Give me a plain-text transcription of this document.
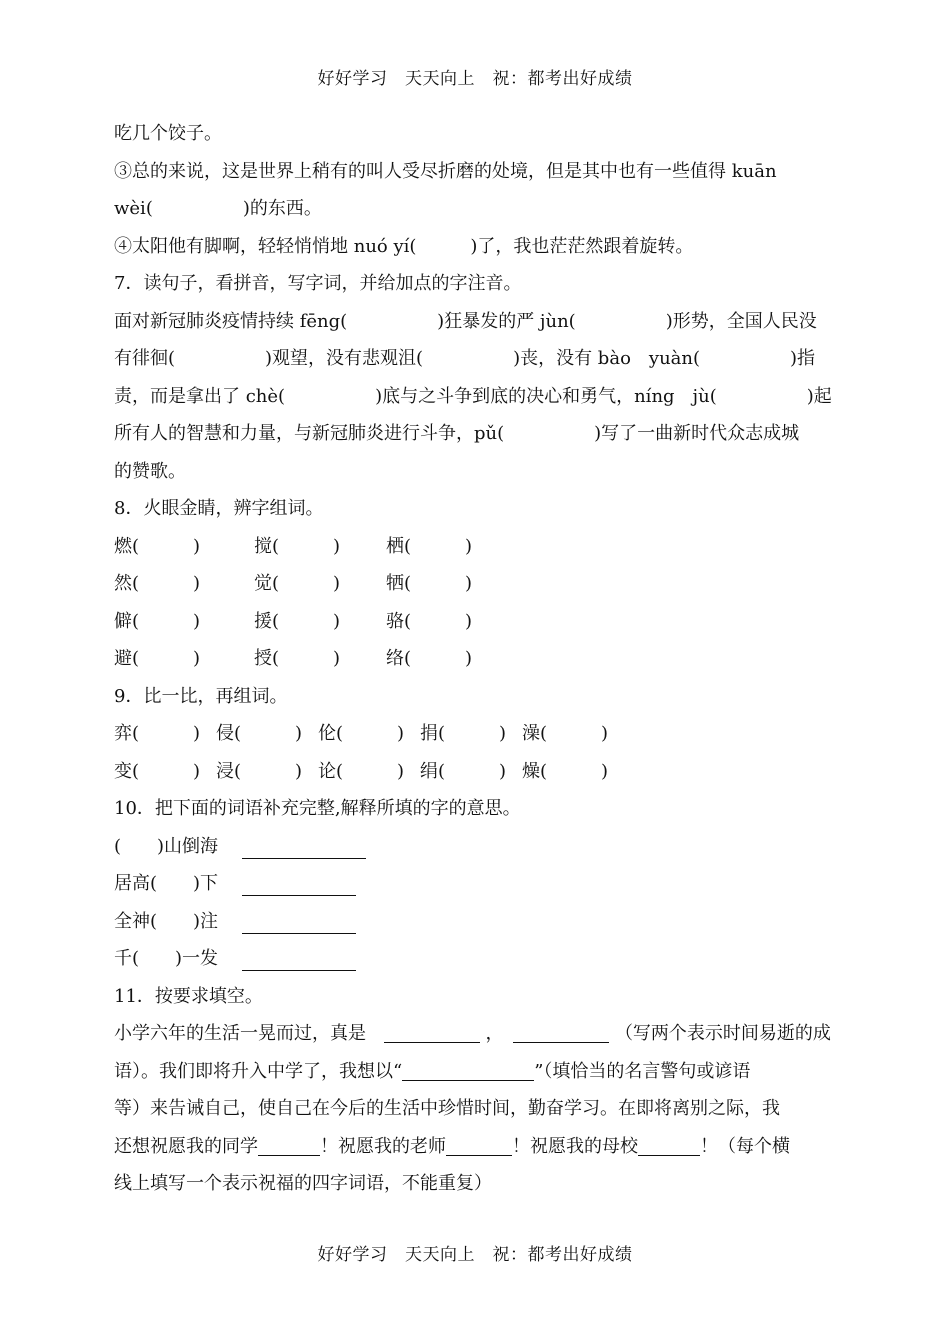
好好学习　天天向上　祝：都考出好成绩
吃几个饺子。
③总的来说，这是世界上稍有的叫人受尽折磨的处境，但是其中也有一些值得 kuān
wèi(　　　　　)的东西。
④太阳他有脚啊，轻轻悄悄地 nuó yí(　　　)了，我也茫茫然跟着旋转。
7．读句子，看拼音，写字词，并给加点的字注音。
面对新冠肺炎疫情持续 fēng(　　　　　)狂暴发的严 jùn(　　　　　)形势，全国人民没
有徘徊(　　　　　)观望，没有悲观沮(　　　　　)丧，没有 bào　yuàn(　　　　　)指
责，而是拿出了 chè(　　　　　)底与之斗争到底的决心和勇气，níng　jù(　　　　　)起
所有人的智慧和力量，与新冠肺炎进行斗争，pǔ(　　　　　)写了一曲新时代众志成城
的赞歌。
8．火眼金睛，辨字组词。
燃(　　　)	搅(　　　)	栖(　　　)
然(　　　)	觉(　　　)	牺(　　　)
僻(　　　)	援(　　　)	骆(　　　)
避(　　　)	授(　　　)	络(　　　)
9．比一比，再组词。
弈(　　　) 侵(　　　) 伦(　　　) 捐(　　　) 澡(　　　)
变(　　　) 浸(　　　) 论(　　　) 绢(　　　) 燥(　　　)
10．把下面的词语补充完整,解释所填的字的意思。
(　　)山倒海
居高(　　)下
全神(　　)注
千(　　)一发
11．按要求填空。
小学六年的生活一晃而过，真是	，	（写两个表示时间易逝的成
语）。我们即将升入中学了，我想以“	”（填恰当的名言警句或谚语
等）来告诫自己，使自己在今后的生活中珍惜时间，勤奋学习。在即将离别之际，我
还想祝愿我的同学	！祝愿我的老师	！祝愿我的母校	！（每个横
线上填写一个表示祝福的四字词语，不能重复）
好好学习　天天向上　祝：都考出好成绩
